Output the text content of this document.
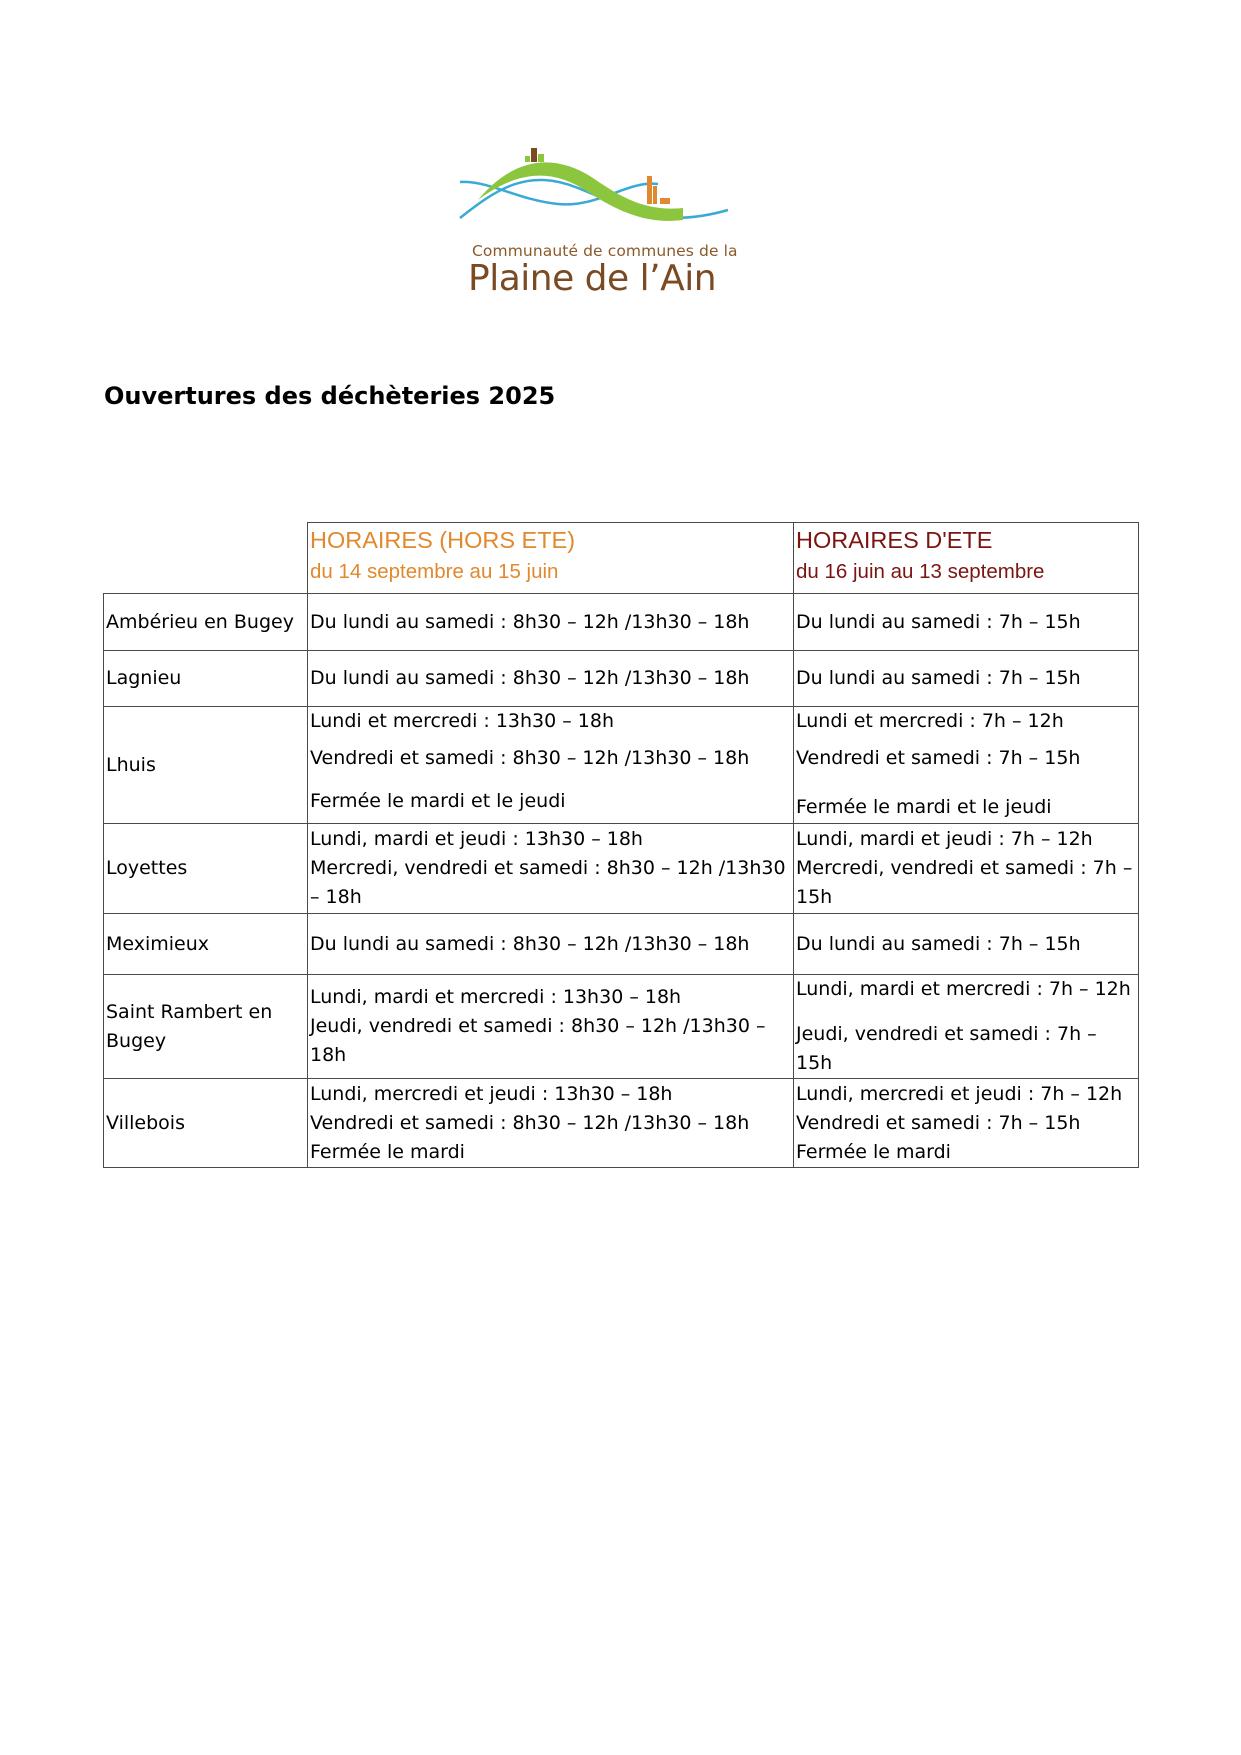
Communauté de communes de la
Plaine de l’Ain
Ouvertures des déchèteries 2025

	HORAIRES (HORS ETE)
du 14 septembre au 15 juin	HORAIRES D'ETE
du 16 juin au 13 septembre

Ambérieu en Bugey	Du lundi au samedi : 8h30 – 12h /13h30 – 18h	Du lundi au samedi : 7h – 15h

Lagnieu	Du lundi au samedi : 8h30 – 12h /13h30 – 18h	Du lundi au samedi : 7h – 15h

Lhuis	Lundi et mercredi : 13h30 – 18h
Vendredi et samedi : 8h30 – 12h /13h30 – 18h
Fermée le mardi et le jeudi	Lundi et mercredi : 7h – 12h
Vendredi et samedi : 7h – 15h
Fermée le mardi et le jeudi

Loyettes	Lundi, mardi et jeudi : 13h30 – 18h
Mercredi, vendredi et samedi : 8h30 – 12h /13h30
– 18h	Lundi, mardi et jeudi : 7h – 12h
Mercredi, vendredi et samedi : 7h –
15h

Meximieux	Du lundi au samedi : 8h30 – 12h /13h30 – 18h	Du lundi au samedi : 7h – 15h

Saint Rambert en
Bugey	Lundi, mardi et mercredi : 13h30 – 18h
Jeudi, vendredi et samedi : 8h30 – 12h /13h30 –
18h	Lundi, mardi et mercredi : 7h – 12h
Jeudi, vendredi et samedi : 7h – 15h

Villebois	Lundi, mercredi et jeudi : 13h30 – 18h
Vendredi et samedi : 8h30 – 12h /13h30 – 18h
Fermée le mardi	Lundi, mercredi et jeudi : 7h – 12h
Vendredi et samedi : 7h – 15h
Fermée le mardi
